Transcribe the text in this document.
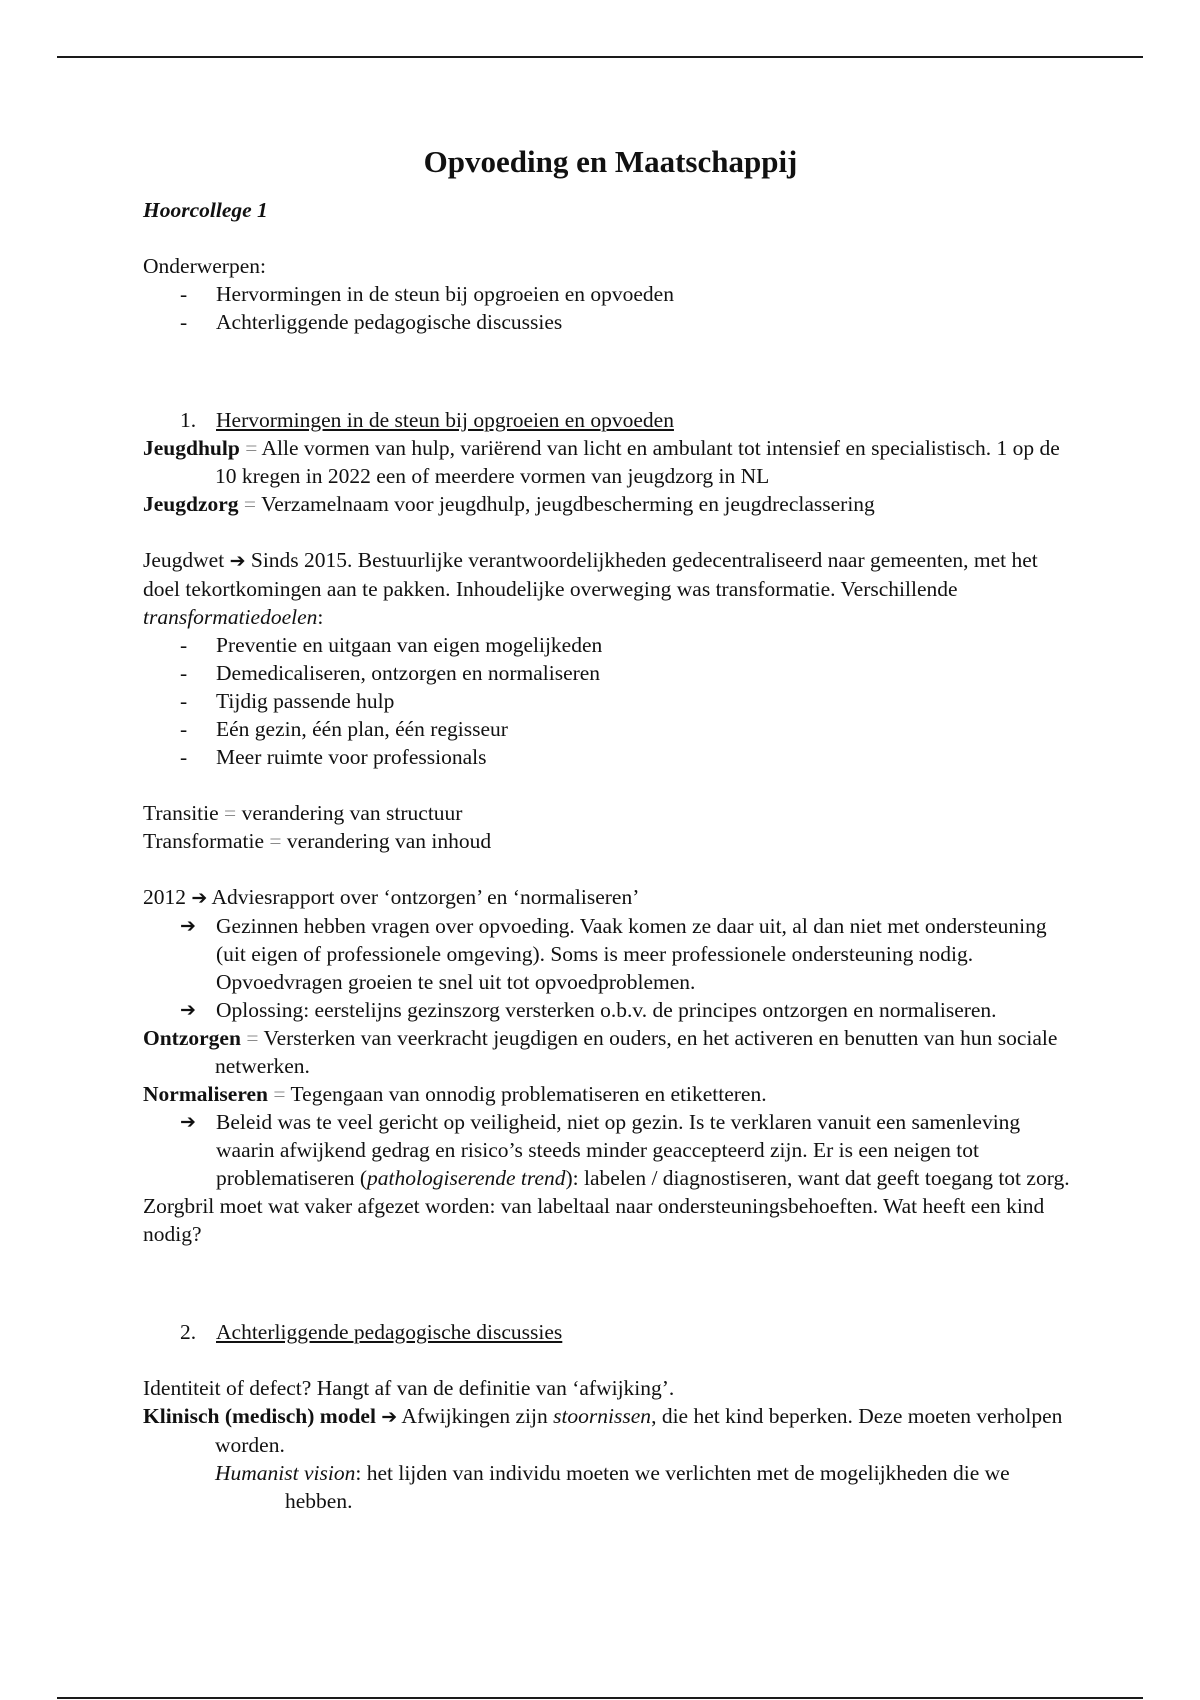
Opvoeding en Maatschappij

Hoorcollege 1

Onderwerpen:

- Hervormingen in de steun bij opgroeien en opvoeden
- Achterliggende pedagogische discussies

1. Hervormingen in de steun bij opgroeien en opvoeden

Jeugdhulp = Alle vormen van hulp, variërend van licht en ambulant tot intensief en specialistisch. 1 op de 10 kregen in 2022 een of meerdere vormen van jeugdzorg in NL

Jeugdzorg = Verzamelnaam voor jeugdhulp, jeugdbescherming en jeugdreclassering

Jeugdwet ➔ Sinds 2015. Bestuurlijke verantwoordelijkheden gedecentraliseerd naar gemeenten, met het doel tekortkomingen aan te pakken. Inhoudelijke overweging was transformatie. Verschillende transformatiedoelen:

- Preventie en uitgaan van eigen mogelijkeden
- Demedicaliseren, ontzorgen en normaliseren
- Tijdig passende hulp
- Eén gezin, één plan, één regisseur
- Meer ruimte voor professionals

Transitie = verandering van structuur

Transformatie = verandering van inhoud

2012 ➔ Adviesrapport over ‘ontzorgen’ en ‘normaliseren’

➔ Gezinnen hebben vragen over opvoeding. Vaak komen ze daar uit, al dan niet met ondersteuning (uit eigen of professionele omgeving). Soms is meer professionele ondersteuning nodig. Opvoedvragen groeien te snel uit tot opvoedproblemen.
➔ Oplossing: eerstelijns gezinszorg versterken o.b.v. de principes ontzorgen en normaliseren.

Ontzorgen = Versterken van veerkracht jeugdigen en ouders, en het activeren en benutten van hun sociale netwerken.

Normaliseren = Tegengaan van onnodig problematiseren en etiketteren.

➔ Beleid was te veel gericht op veiligheid, niet op gezin. Is te verklaren vanuit een samenleving waarin afwijkend gedrag en risico’s steeds minder geaccepteerd zijn. Er is een neigen tot problematiseren (pathologiserende trend): labelen / diagnostiseren, want dat geeft toegang tot zorg.

Zorgbril moet wat vaker afgezet worden: van labeltaal naar ondersteuningsbehoeften. Wat heeft een kind nodig?

2. Achterliggende pedagogische discussies

Identiteit of defect? Hangt af van de definitie van ‘afwijking’.

Klinisch (medisch) model ➔ Afwijkingen zijn stoornissen, die het kind beperken. Deze moeten verholpen worden.

Humanist vision: het lijden van individu moeten we verlichten met de mogelijkheden die we hebben.
